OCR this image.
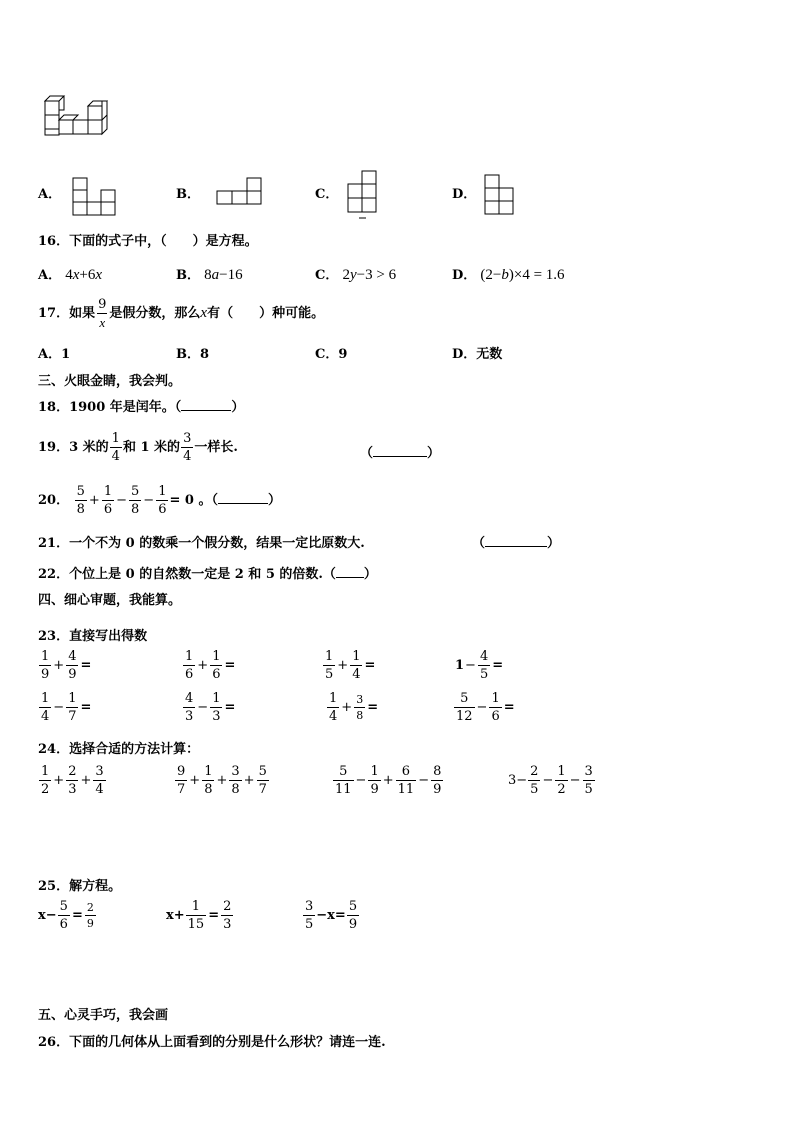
A．	B．	C．	D．
16．下面的式子中，（ ）是方程。
A． 4x+6x	B． 8a−16	C． 2y−3 > 6	D． (2−b)×4 = 1.6
17．如果 $\frac{9}{x}$ 是假分数，那么x有（ ）种可能。
A．1	B．8	C．9	D．无数
三、火眼金睛，我会判。
18．1900 年是闰年。（	）
19．3 米的 $\frac{1}{4}$ 和 1 米的 $\frac{3}{4}$ 一样长.	（	）
20． $\frac{5}{8} + \frac{1}{6} - \frac{5}{8} - \frac{1}{6} = 0$ 。（	）
21．一个不为 0 的数乘一个假分数，结果一定比原数大.	（	）
22．个位上是 0 的自然数一定是 2 和 5 的倍数.（ ）
四、细心审题，我能算。
23．直接写出得数
$\frac{1}{9} + \frac{4}{9}$ =	$\frac{1}{6} + \frac{1}{6}$ =	$\frac{1}{5} + \frac{1}{4}$ =	$1- \frac{4}{5}$ =
$\frac{1}{4} - \frac{1}{7}$ =	$\frac{4}{3} - \frac{1}{3}$ =	$\frac{1}{4} + \frac{3}{8}$ =	$\frac{5}{12} - \frac{1}{6}$ =
24．选择合适的方法计算：
$\frac{1}{2} + \frac{2}{3} + \frac{3}{4}$	$\frac{9}{7} + \frac{1}{8} + \frac{3}{8} + \frac{5}{7}$	$\frac{5}{11} - \frac{1}{9} + \frac{6}{11} - \frac{8}{9}$	$3- \frac{2}{5} - \frac{1}{2} - \frac{3}{5}$
25．解方程。
$x- \frac{5}{6} = \frac{2}{9}$	$x+ \frac{1}{15} = \frac{2}{3}$	$\frac{3}{5} -x= \frac{5}{9}$
五、心灵手巧，我会画
26．下面的几何体从上面看到的分别是什么形状？请连一连.
